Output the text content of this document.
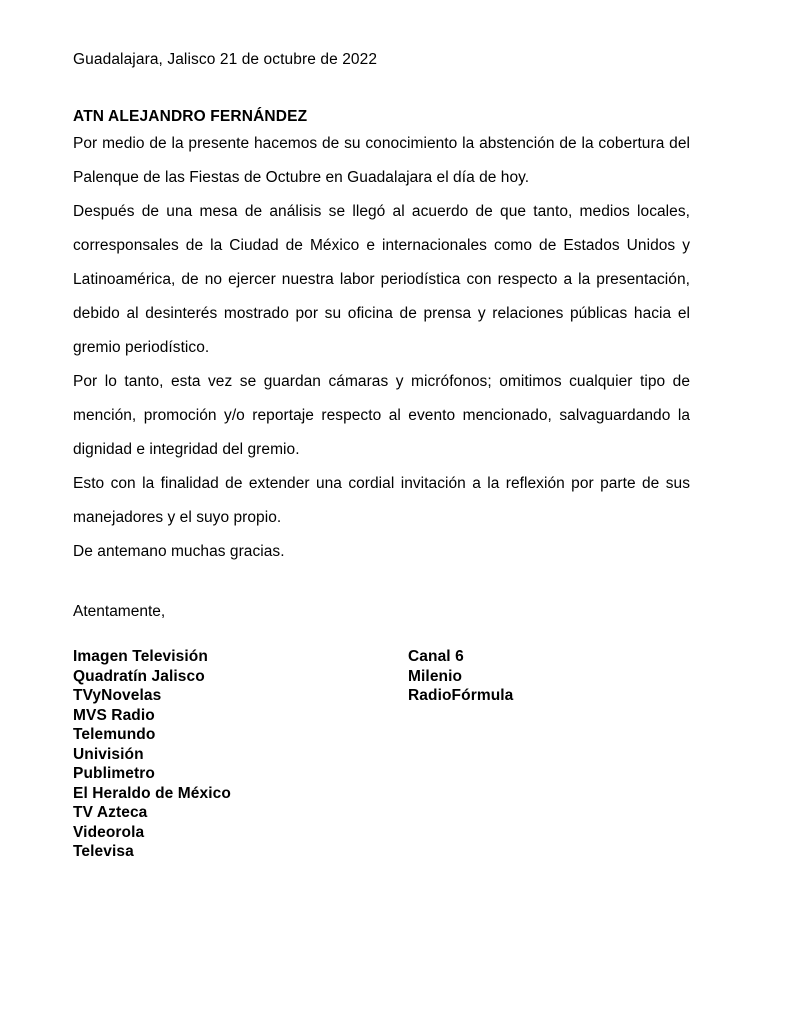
Guadalajara, Jalisco 21 de octubre de 2022
ATN ALEJANDRO FERNÁNDEZ

Por medio de la presente hacemos de su conocimiento la abstención de la cobertura del Palenque de las Fiestas de Octubre en Guadalajara el día de hoy.

Después de una mesa de análisis se llegó al acuerdo de que tanto, medios locales, corresponsales de la Ciudad de México e internacionales como de Estados Unidos y Latinoamérica, de no ejercer nuestra labor periodística con respecto a la presentación, debido al desinterés mostrado por su oficina de prensa y relaciones públicas hacia el gremio periodístico.

Por lo tanto, esta vez se guardan cámaras y micrófonos; omitimos cualquier tipo de mención, promoción y/o reportaje respecto al evento mencionado, salvaguardando la dignidad e integridad del gremio.

Esto con la finalidad de extender una cordial invitación a la reflexión por parte de sus manejadores y el suyo propio.

De antemano muchas gracias.

Atentamente,
Imagen Televisión
Quadratín Jalisco
TVyNovelas
MVS Radio
Telemundo
Univisión
Publimetro
El Heraldo de México
TV Azteca
Videorola
Televisa
Canal 6
Milenio
RadioFórmula
